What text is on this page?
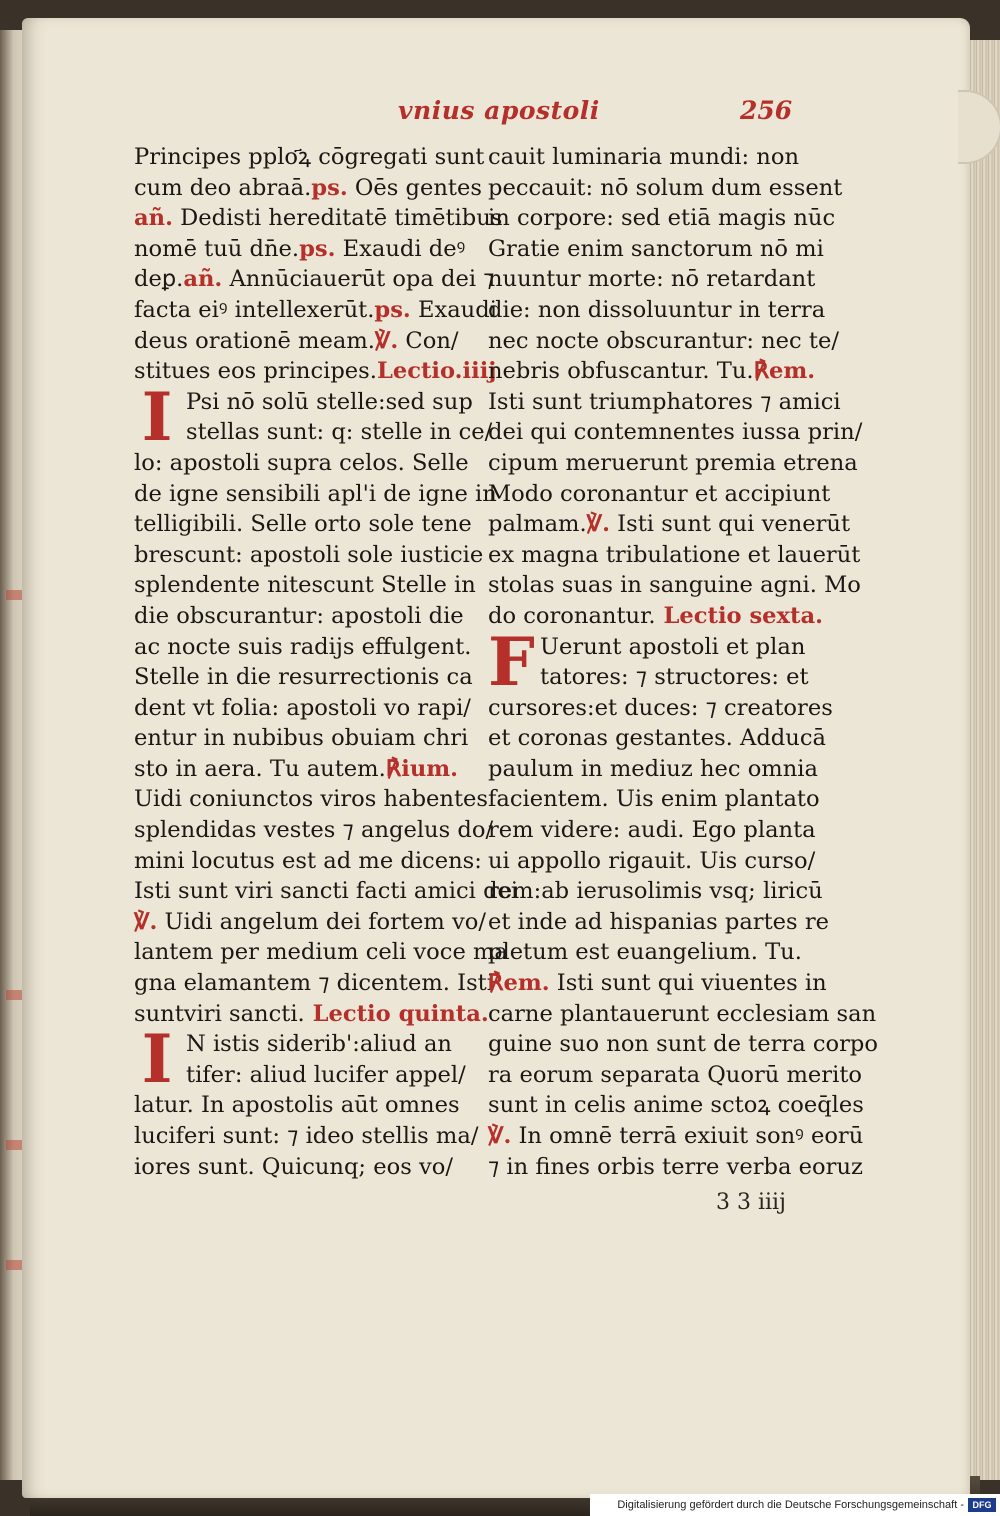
vnius apostoli	256
Principes pplo҃ꝝ cōgregati sunt
cum deo abraā.ps. Oēs gentes
añ. Dedisti hereditatē timētibus
nomē tuū dn̄e.ps. Exaudi deꝰ
deꝑ.añ. Annūciauerūt opa dei ⁊
facta eiꝰ intellexerūt.ps. Exaudi
deus orationē meam.℣. Con/
stitues eos principes.Lectio.iiij
I Psi nō solū stelle:sed sup
stellas sunt: q: stelle in ce/
lo: apostoli supra celos. Selle
de igne sensibili apl'i de igne in
telligibili. Selle orto sole tene
brescunt: apostoli sole iusticie
splendente nitescunt Stelle in
die obscurantur: apostoli die
ac nocte suis radijs effulgent.
Stelle in die resurrectionis ca
dent vt folia: apostoli vo rapi/
entur in nubibus obuiam chri
sto in aera. Tu autem.℟ium.
Uidi coniunctos viros habentes
splendidas vestes ⁊ angelus do/
mini locutus est ad me dicens:
Isti sunt viri sancti facti amici dei
℣. Uidi angelum dei fortem vo/
lantem per medium celi voce ma
gna elamantem ⁊ dicentem. Isti
suntviri sancti. Lectio quinta.
I N istis siderib':aliud an
tifer: aliud lucifer appel/
latur. In apostolis aūt omnes
luciferi sunt: ⁊ ideo stellis ma/
iores sunt. Quicunq; eos vo/
cauit luminaria mundi: non
peccauit: nō solum dum essent
in corpore: sed etiā magis nūc
Gratie enim sanctorum nō mi
nuuntur morte: nō retardant
die: non dissoluuntur in terra
nec nocte obscurantur: nec te/
nebris obfuscantur. Tu.℟em.
Isti sunt triumphatores ⁊ amici
dei qui contemnentes iussa prin/
cipum meruerunt premia etrena
Modo coronantur et accipiunt
palmam.℣. Isti sunt qui venerūt
ex magna tribulatione et lauerūt
stolas suas in sanguine agni. Mo
do coronantur. Lectio sexta.
F Uerunt apostoli et plan
tatores: ⁊ structores: et
cursores:et duces: ⁊ creatores
et coronas gestantes. Adducā
paulum in mediuz hec omnia
facientem. Uis enim plantato
rem videre: audi. Ego planta
ui appollo rigauit. Uis curso/
rem:ab ierusolimis vsq; liricū
et inde ad hispanias partes re
pletum est euangelium. Tu.
℟em. Isti sunt qui viuentes in
carne plantauerunt ecclesiam san
guine suo non sunt de terra corpo
ra eorum separata Quorū merito
sunt in celis anime sctoꝝ coeq̄les
℣. In omnē terrā exiuit sonꝰ eorū
⁊ in fines orbis terre verba eoruz
3 3 iiij
Digitalisierung gefördert durch die Deutsche Forschungsgemeinschaft - DFG
